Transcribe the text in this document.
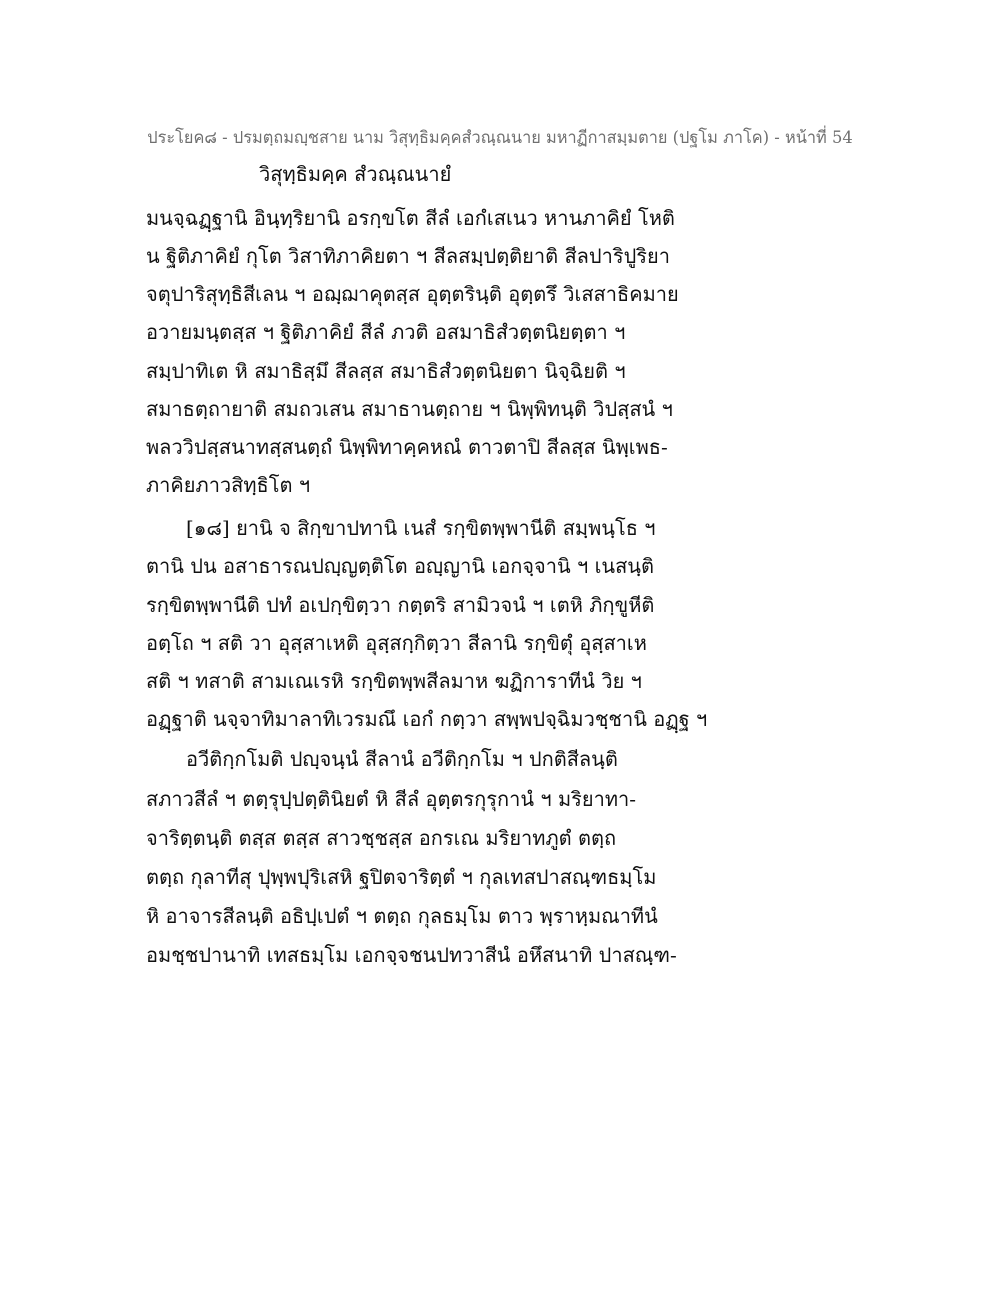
ประโยค๘ - ปรมตฺถมญฺชสาย นาม วิสุทฺธิมคฺคสํวณฺณนาย มหาฏีกาสมฺมตาย (ปฐโม ภาโค) - หน้าที่ 54
วิสุทฺธิมคฺค สํวณฺณนายํ
มนจฺฉฏฺฐานิ อินฺทฺริยานิ อรกฺขโต สีลํ เอกํเสเนว หานภาคิยํ โหติ
น ฐิติภาคิยํ กุโต วิสาทิภาคิยตา ฯ สีลสมฺปตฺติยาติ สีลปาริปูริยา
จตุปาริสุทฺธิสีเลน ฯ อฌฺฌาคุตสฺส อุตฺตรินฺติ อุตฺตรึ วิเสสาธิคมาย
อวายมนฺตสฺส ฯ ฐิติภาคิยํ สีลํ ภวติ อสมาธิสํวตฺตนิยตฺตา ฯ
สมฺปาทิเต หิ สมาธิสฺมึ สีลสฺส สมาธิสํวตฺตนิยตา นิจฺฉิยติ ฯ
สมาธตฺถายาติ สมถวเสน สมาธานตฺถาย ฯ นิพฺพิทนฺติ วิปสฺสนํ ฯ
พลววิปสฺสนาทสฺสนตฺถํ นิพฺพิทาคฺคหณํ ตาวตาปิ สีลสฺส นิพฺเพธ-
ภาคิยภาวสิทฺธิโต ฯ
[๑๘] ยานิ จ สิกฺขาปทานิ เนสํ รกฺขิตพฺพานีติ สมฺพนฺโธ ฯ
ตานิ ปน อสาธารณปญฺญตฺติโต อญฺญานิ เอกจฺจานิ ฯ เนสนฺติ
รกฺขิตพฺพานีติ ปทํ อเปกฺขิตฺวา กตฺตริ สามิวจนํ ฯ เตหิ ภิกฺขูหีติ
อตฺโถ ฯ สติ วา อุสฺสาเหติ อุสฺสกฺกิตฺวา สีลานิ รกฺขิตุํ อุสฺสาเห
สติ ฯ ทสาติ สามเณเรหิ รกฺขิตพฺพสีลมาห ฆฏิการาทีนํ วิย ฯ
อฏฺฐาติ นจฺจาทิมาลาทิเวรมณึ เอกํ กตฺวา สพฺพปจฺฉิมวชฺชานิ อฏฺฐ ฯ
อวีติกฺกโมติ ปญฺจนฺนํ สีลานํ อวีติกฺกโม ฯ ปกติสีลนฺติ
สภาวสีลํ ฯ ตตฺรุปฺปตฺตินิยตํ หิ สีลํ อุตฺตรกุรุกานํ ฯ มริยาทา-
จาริตฺตนฺติ ตสฺส ตสฺส สาวชฺชสฺส อกรเณ มริยาทภูตํ ตตฺถ
ตตฺถ กุลาทีสุ ปุพฺพปุริเสหิ ฐปิตจาริตฺตํ ฯ กุลเทสปาสณฺฑธมฺโม
หิ อาจารสีลนฺติ อธิปฺเปตํ ฯ ตตฺถ กุลธมฺโม ตาว พฺราหฺมณาทีนํ
อมชฺชปานาทิ เทสธมฺโม เอกจฺจชนปทวาสีนํ อหึสนาทิ ปาสณฺฑ-
